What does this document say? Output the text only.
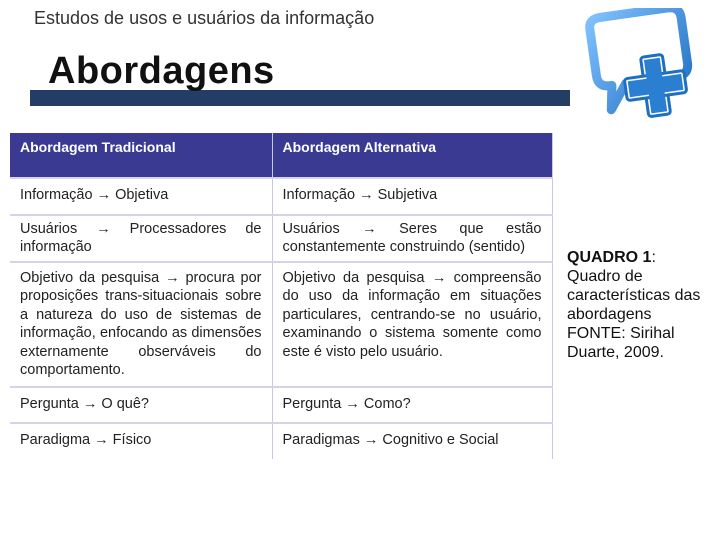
Estudos de usos e usuários da informação
Abordagens
Abordagem Tradicional	Abordagem Alternativa
Informação → Objetiva	Informação → Subjetiva
Usuários → Processadores de informação	Usuários → Seres que estão constantemente construindo (sentido)
Objetivo da pesquisa → procura por proposições trans-situacionais sobre a natureza do uso de sistemas de informação, enfocando as dimensões externamente observáveis do comportamento.	Objetivo da pesquisa → compreensão do uso da informação em situações particulares, centrando-se no usuário, examinando o sistema somente como este é visto pelo usuário.
Pergunta → O quê?	Pergunta → Como?
Paradigma → Físico	Paradigmas → Cognitivo e Social
QUADRO 1: Quadro de características das abordagens FONTE: Sirihal Duarte, 2009.
